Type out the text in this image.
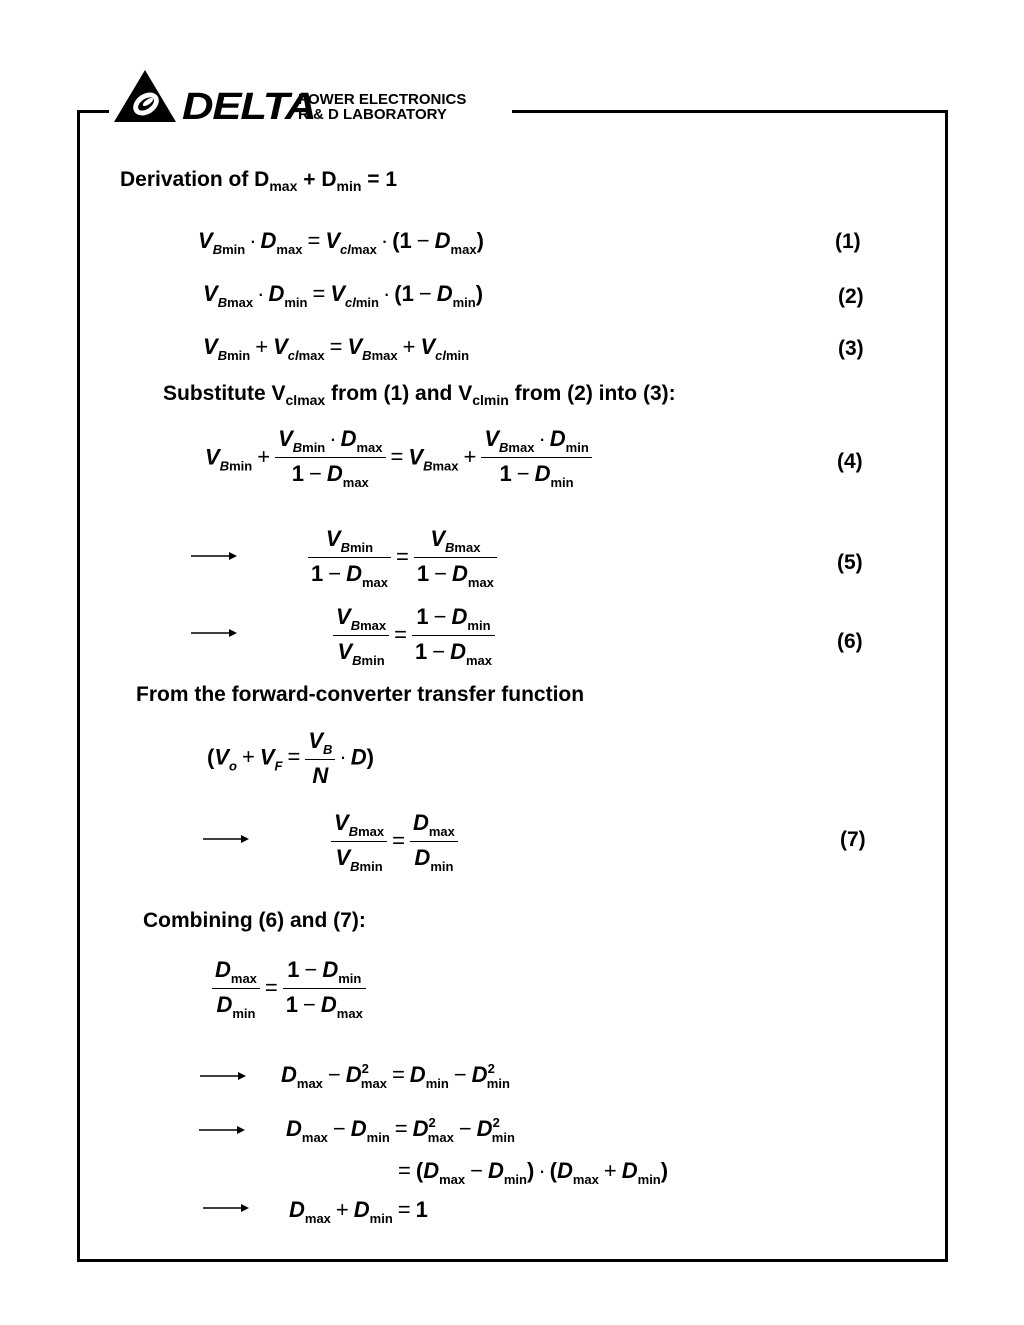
DELTA
POWER ELECTRONICS
R & D LABORATORY
Derivation of $D_{max} + D_{min} = 1$
$V_{Bmin} \cdot D_{max} = V_{clmax} \cdot (1 - D_{max})$	(1)
$V_{Bmax} \cdot D_{min} = V_{clmin} \cdot (1 - D_{min})$	(2)
$V_{Bmin} + V_{clmax} = V_{Bmax} + V_{clmin}$	(3)
Substitute $V_{clmax}$ from (1) and $V_{clmin}$ from (2) into (3):
$V_{Bmin} + \frac{V_{Bmin} \cdot D_{max}}{1 - D_{max}} = V_{Bmax} + \frac{V_{Bmax} \cdot D_{min}}{1 - D_{min}}$	(4)
$\frac{V_{Bmin}}{1 - D_{max}} = \frac{V_{Bmax}}{1 - D_{max}}$	(5)
$\frac{V_{Bmax}}{V_{Bmin}} = \frac{1 - D_{min}}{1 - D_{max}}$	(6)
From the forward-converter transfer function
$(V_o + V_F = \frac{V_B}{N} \cdot D)$
$\frac{V_{Bmax}}{V_{Bmin}} = \frac{D_{max}}{D_{min}}$	(7)
Combining (6) and (7):
$\frac{D_{max}}{D_{min}} = \frac{1 - D_{min}}{1 - D_{max}}$
$D_{max} - D^2_{max} = D_{min} - D^2_{min}$
$D_{max} - D_{min} = D^2_{max} - D^2_{min}$
= $(D_{max} - D_{min}) \cdot (D_{max} + D_{min})$
$D_{max} + D_{min} = 1$
